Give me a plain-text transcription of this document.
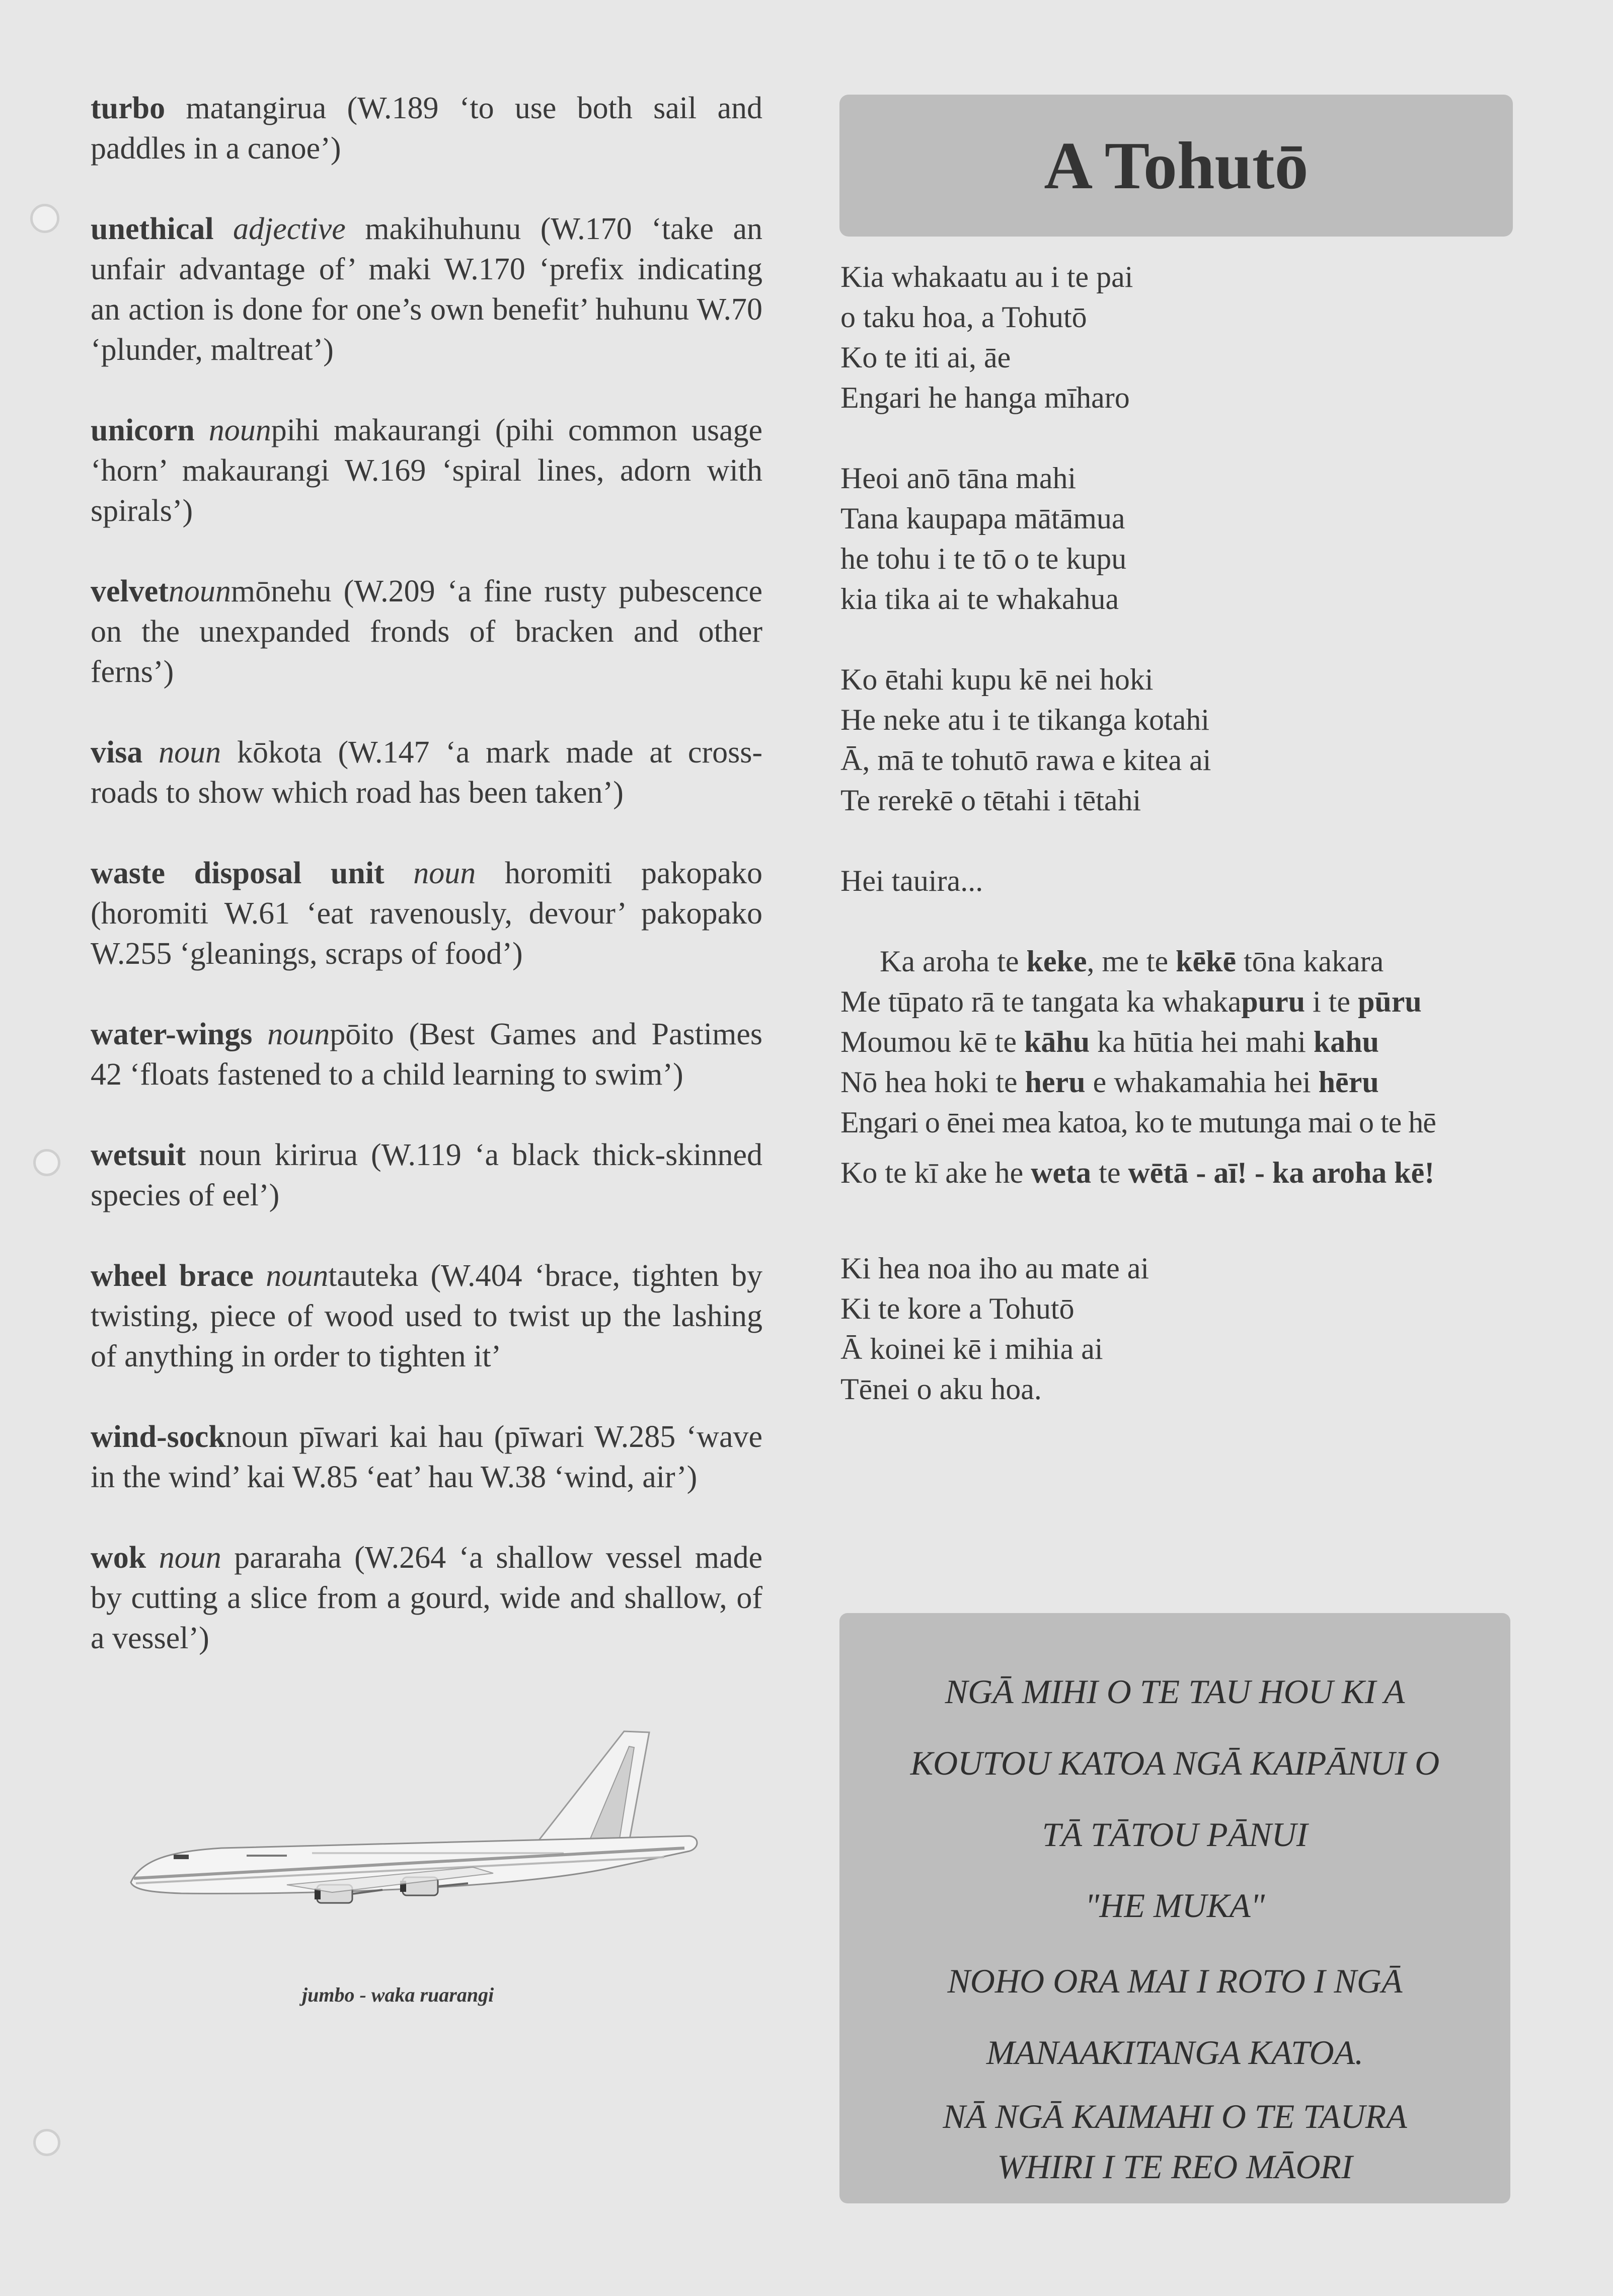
turbo matangirua (W.189 ‘to use both sail and paddles in a canoe’)

unethical adjective makihuhunu (W.170 ‘take an unfair advantage of’ maki W.170 ‘prefix indicating an action is done for one’s own benefit’ huhunu W.70 ‘plunder, maltreat’)

unicorn nounpihi makaurangi (pihi common usage ‘horn’ makaurangi W.169 ‘spiral lines, adorn with spirals’)

velvetnounmōnehu (W.209 ‘a fine rusty pubescence on the unexpanded fronds of bracken and other ferns’)

visa noun kōkota (W.147 ‘a mark made at cross-roads to show which road has been taken’)

waste disposal unit noun horomiti pakopako (horomiti W.61 ‘eat ravenously, devour’ pakopako W.255 ‘gleanings, scraps of food’)

water-wings nounpōito (Best Games and Pastimes 42 ‘floats fastened to a child learning to swim’)

wetsuit noun kirirua (W.119 ‘a black thick-skinned species of eel’)

wheel brace nountauteka (W.404 ‘brace, tighten by twisting, piece of wood used to twist up the lashing of anything in order to tighten it’

wind-socknoun pīwari kai hau (pīwari W.285 ‘wave in the wind’ kai W.85 ‘eat’ hau W.38 ‘wind, air’)

wok noun pararaha (W.264 ‘a shallow vessel made by cutting a slice from a gourd, wide and shallow, of a vessel’)

jumbo - waka ruarangi
A Tohutō
Kia whakaatu au i te pai
o taku hoa, a Tohutō
Ko te iti ai, āe
Engari he hanga mīharo
Heoi anō tāna mahi
Tana kaupapa mātāmua
he tohu i te tō o te kupu
kia tika ai te whakahua
Ko ētahi kupu kē nei hoki
He neke atu i te tikanga kotahi
Ā, mā te tohutō rawa e kitea ai
Te rerekē o tētahi i tētahi
Hei tauira...
Ka aroha te keke, me te kēkē tōna kakara
Me tūpato rā te tangata ka whakapuru i te pūru
Moumou kē te kāhu ka hūtia hei mahi kahu
Nō hea hoki te heru e whakamahia hei hēru
Engari o ēnei mea katoa, ko te mutunga mai o te hē
Ko te kī ake he weta te wētā - aī! - ka aroha kē!
Ki hea noa iho au mate ai
Ki te kore a Tohutō
Ā koinei kē i mihia ai
Tēnei o aku hoa.
NGĀ MIHI O TE TAU HOU KI A
KOUTOU KATOA NGĀ KAIPĀNUI O
TĀ TĀTOU PĀNUI
"HE MUKA"
NOHO ORA MAI I ROTO I NGĀ
MANAAKITANGA KATOA.
NĀ NGĀ KAIMAHI O TE TAURA
WHIRI I TE REO MĀORI
